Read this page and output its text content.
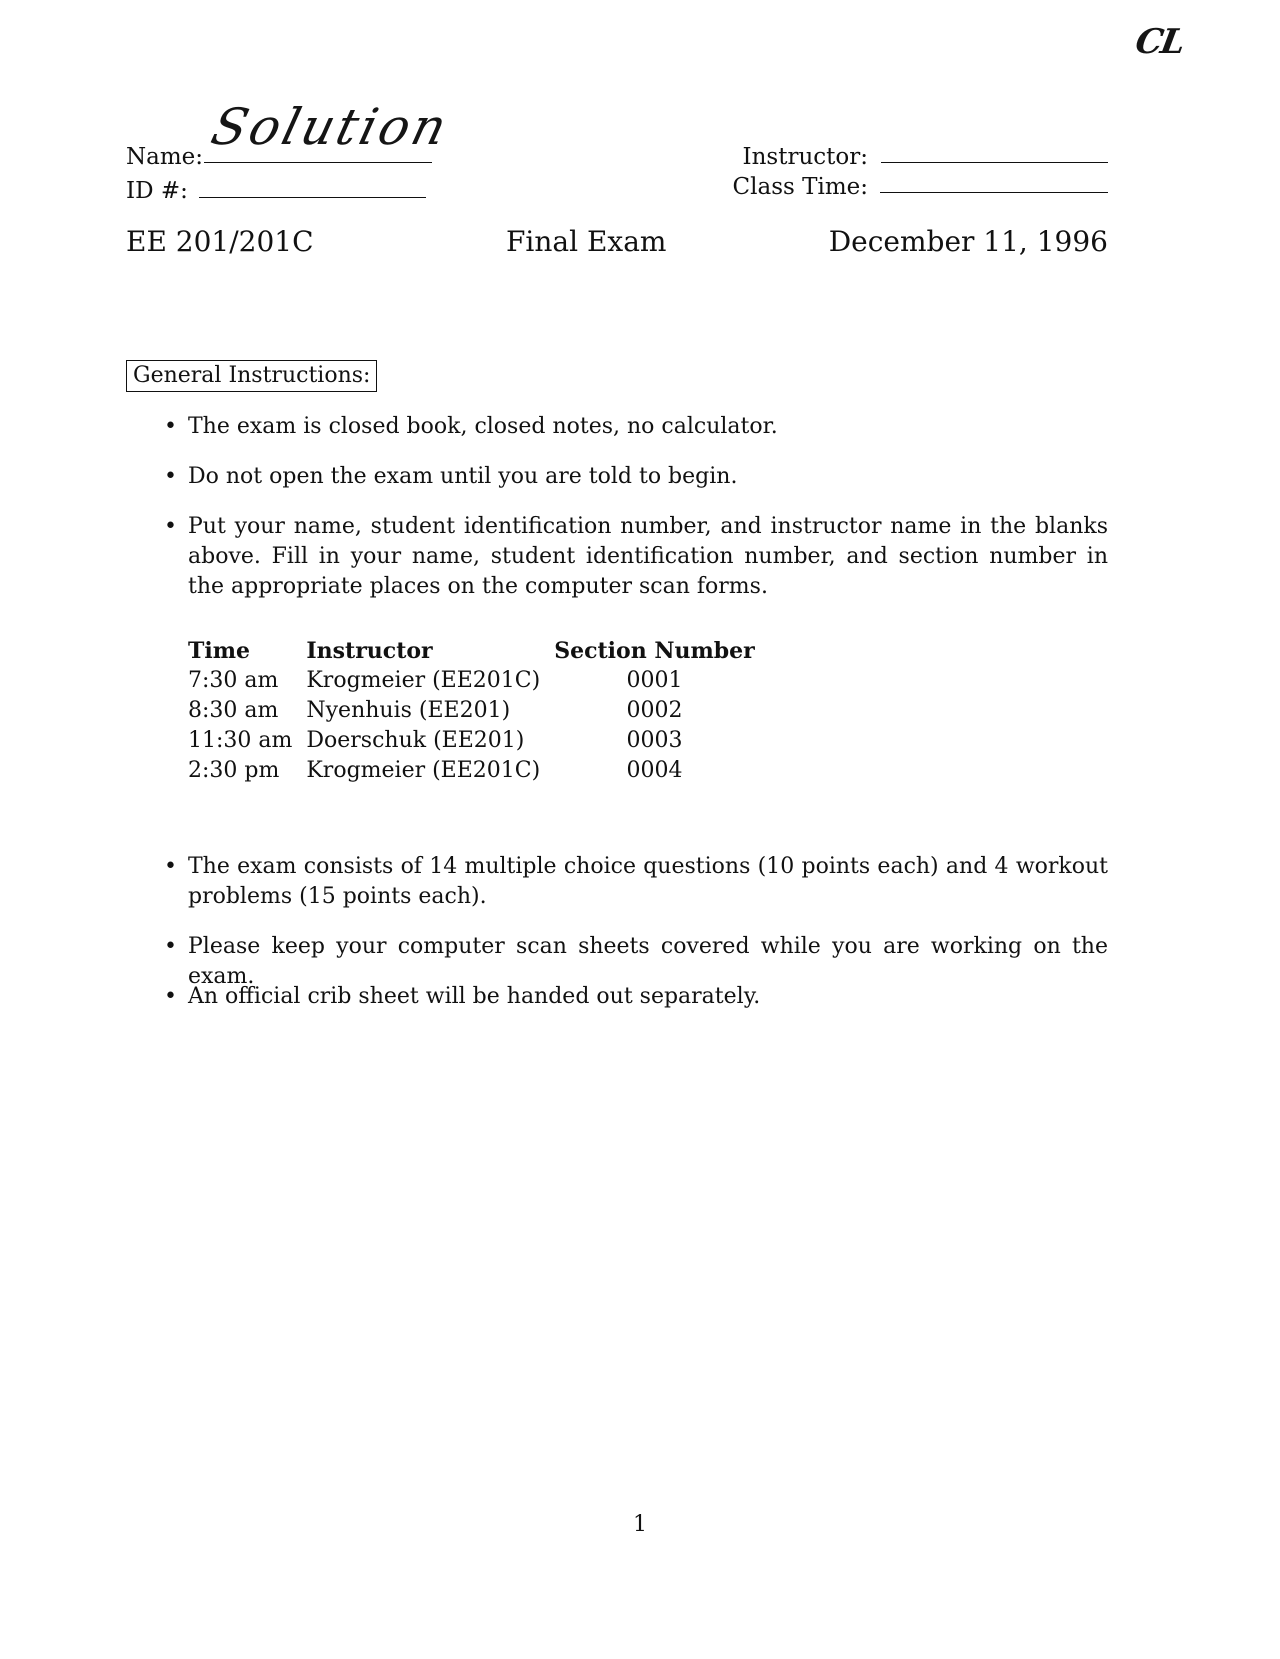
CL
Name:
Solution
ID #:
Instructor:
Class Time:
EE 201/201C	Final Exam	December 11, 1996
General Instructions:
• The exam is closed book, closed notes, no calculator.
• Do not open the exam until you are told to begin.
• Put your name, student identification number, and instructor name in the blanks above. Fill in your name, student identification number, and section number in the appropriate places on the computer scan forms.
• The exam consists of 14 multiple choice questions (10 points each) and 4 workout problems (15 points each).
• Please keep your computer scan sheets covered while you are working on the exam.
• An official crib sheet will be handed out separately.
Time	Instructor	Section Number
7:30 am	Krogmeier (EE201C)	0001
8:30 am	Nyenhuis (EE201)	0002
11:30 am	Doerschuk (EE201)	0003
2:30 pm	Krogmeier (EE201C)	0004
1
